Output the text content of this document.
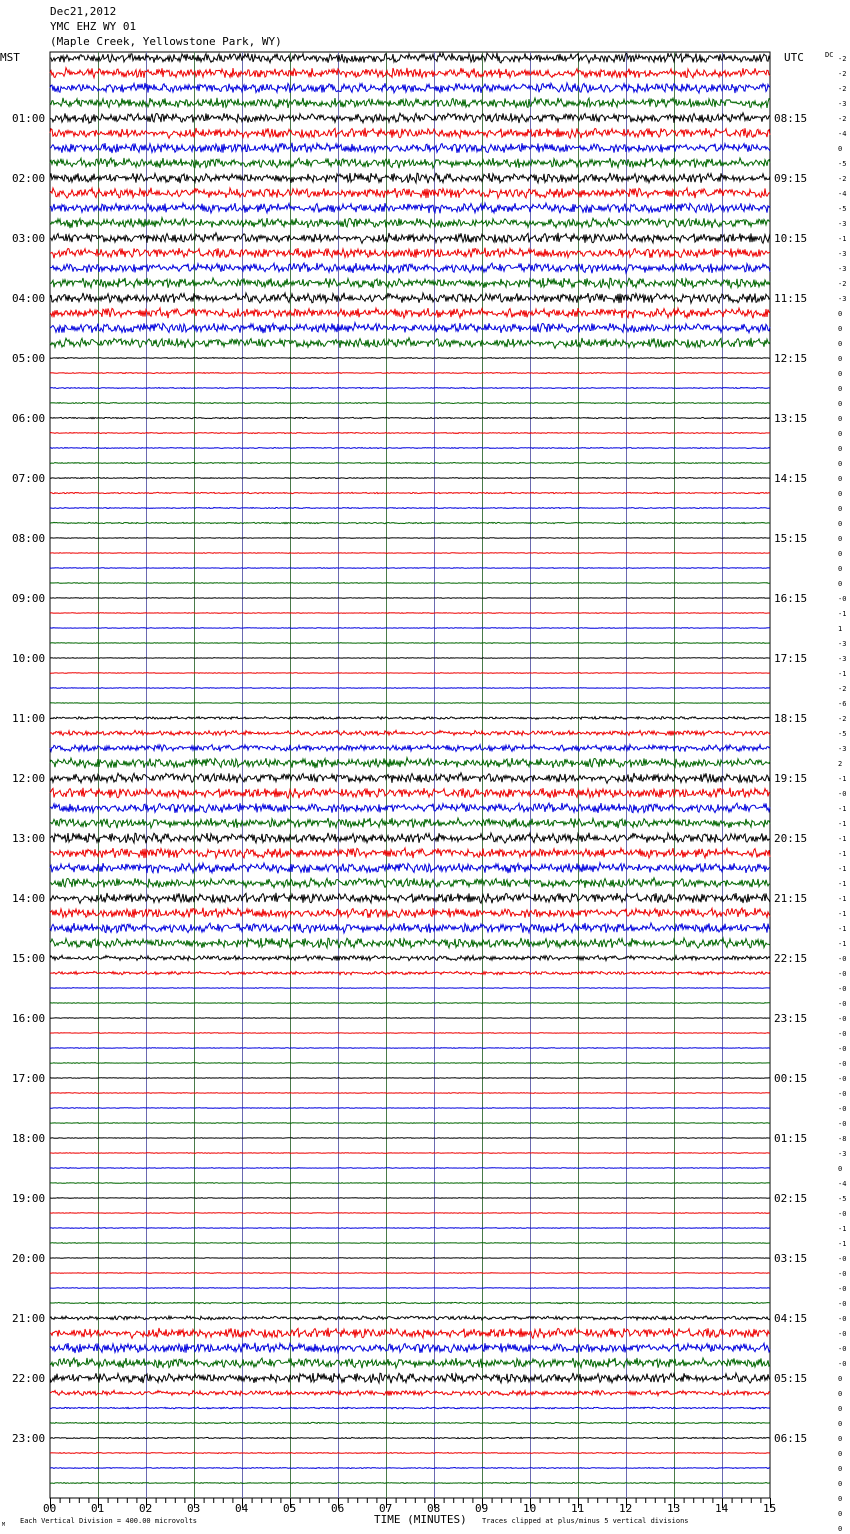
Dec21,2012
YMC EHZ WY 01
(Maple Creek, Yellowstone Park, WY)
MST	UTC	DC
01:00
02:00
03:00
04:00
05:00
06:00
07:00
08:00
09:00
10:00
11:00
12:00
13:00
14:00
15:00
16:00
17:00
18:00
19:00
20:00
21:00
22:00
23:00
08:15
09:15
10:15
11:15
12:15
13:15
14:15
15:15
16:15
17:15
18:15
19:15
20:15
21:15
22:15
23:15
00:15
01:15
02:15
03:15
04:15
05:15
06:15
-2
-2
-2
-3
-2
-4
0
-5
-2
-4
-5
-3
-1
-3
-3
-2
-3
0
0
0
0
0
0
0
0
0
0
0
0
0
0
0
0
0
0
0
-0
-1
1
-3
-3
-1
-2
-6
-2
-5
-3
2
-1
-0
-1
-1
-1
-1
-1
-1
-1
-1
-1
-1
-0
-0
-0
-0
-0
-0
-0
-0
-0
-0
-0
-0
-8
-3
0
-4
-5
-0
-1
-1
-0
-0
-0
-0
-0
-0
-0
-0
0
0
0
0
0
0
0
0
0
0
0
00	01	02	03	04	05	06	07	08	09	10	11	12	13	14	15
TIME (MINUTES)
Each Vertical Division = 400.00 microvolts	Traces clipped at plus/minus 5 vertical divisions
M
